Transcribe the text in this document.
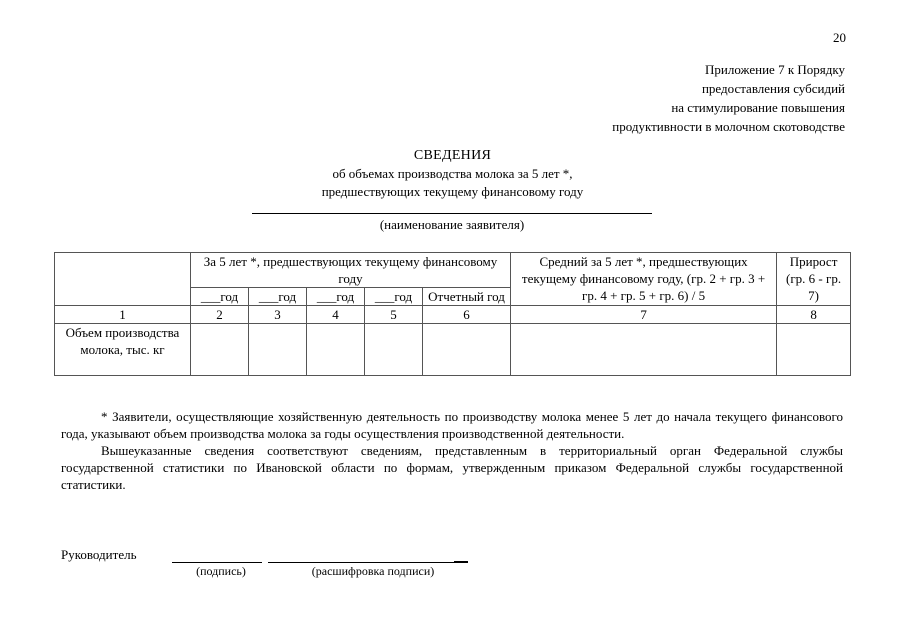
20
Приложение 7 к Порядку
предоставления субсидий
на стимулирование повышения
продуктивности в молочном скотоводстве
СВЕДЕНИЯ
об объемах производства молока за 5 лет *,
предшествующих текущему финансовому году
(наименование заявителя)
	За 5 лет *, предшествующих текущему финансовому году					Средний за 5 лет *, предшествующих текущему финансовому году, (гр. 2 + гр. 3 + гр. 4 + гр. 5 + гр. 6) / 5	Прирост (гр. 6 - гр. 7)
	___год	___год	___год	___год	Отчетный год		
1	2	3	4	5	6	7	8
Объем производства молока, тыс. кг							

* Заявители, осуществляющие хозяйственную деятельность по производству молока менее 5 лет до начала текущего финансового года, указывают объем производства молока за годы осуществления производственной деятельности.

Вышеуказанные сведения соответствуют сведениям, представленным в территориальный орган Федеральной службы государственной статистики по Ивановской области по формам, утвержденным приказом Федеральной службы государственной статистики.

Руководитель
(подпись)	(расшифровка подписи)
